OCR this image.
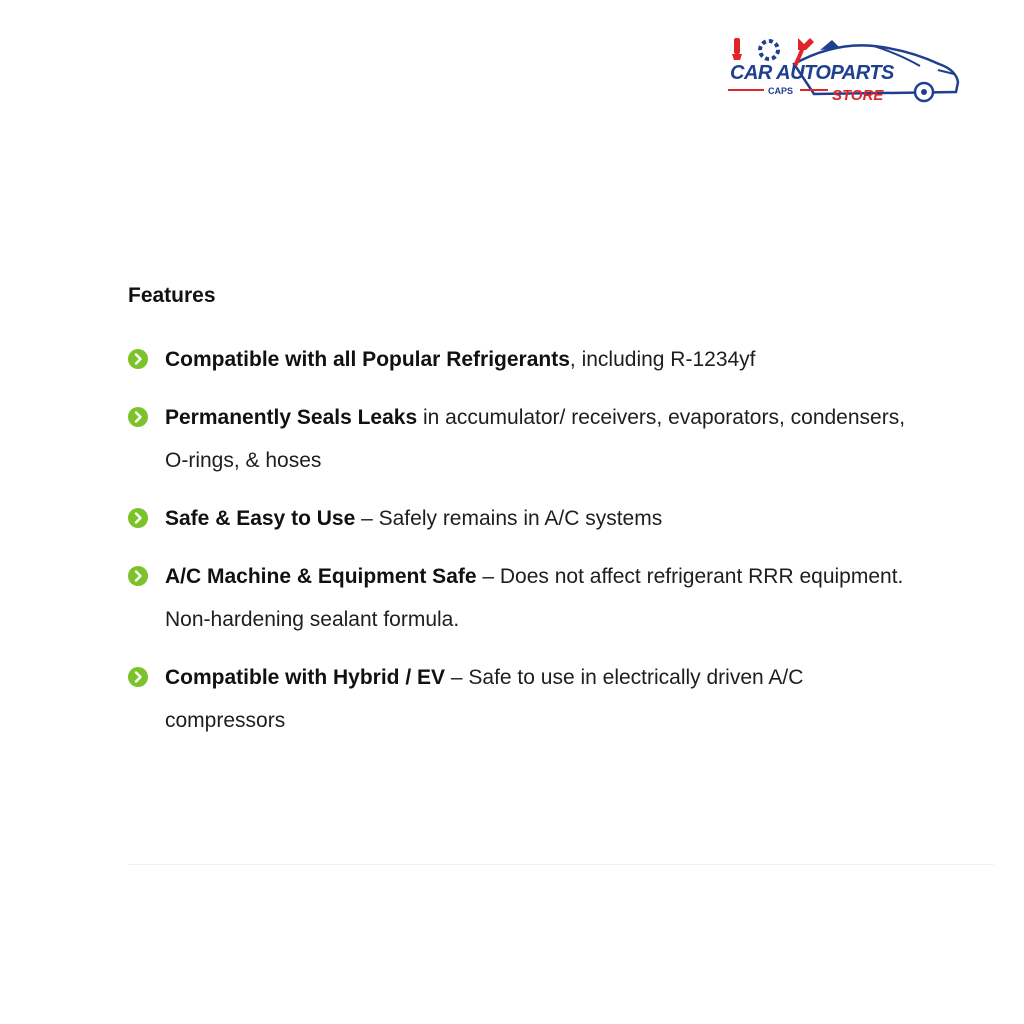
CAR AUTOPARTS
CAPS	STORE
Features
Compatible with all Popular Refrigerants, including R-1234yf
Permanently Seals Leaks in accumulator/ receivers, evaporators, condensers, O-rings, & hoses
Safe & Easy to Use – Safely remains in A/C systems
A/C Machine & Equipment Safe – Does not affect refrigerant RRR equipment. Non-hardening sealant formula.
Compatible with Hybrid / EV – Safe to use in electrically driven A/C compressors
